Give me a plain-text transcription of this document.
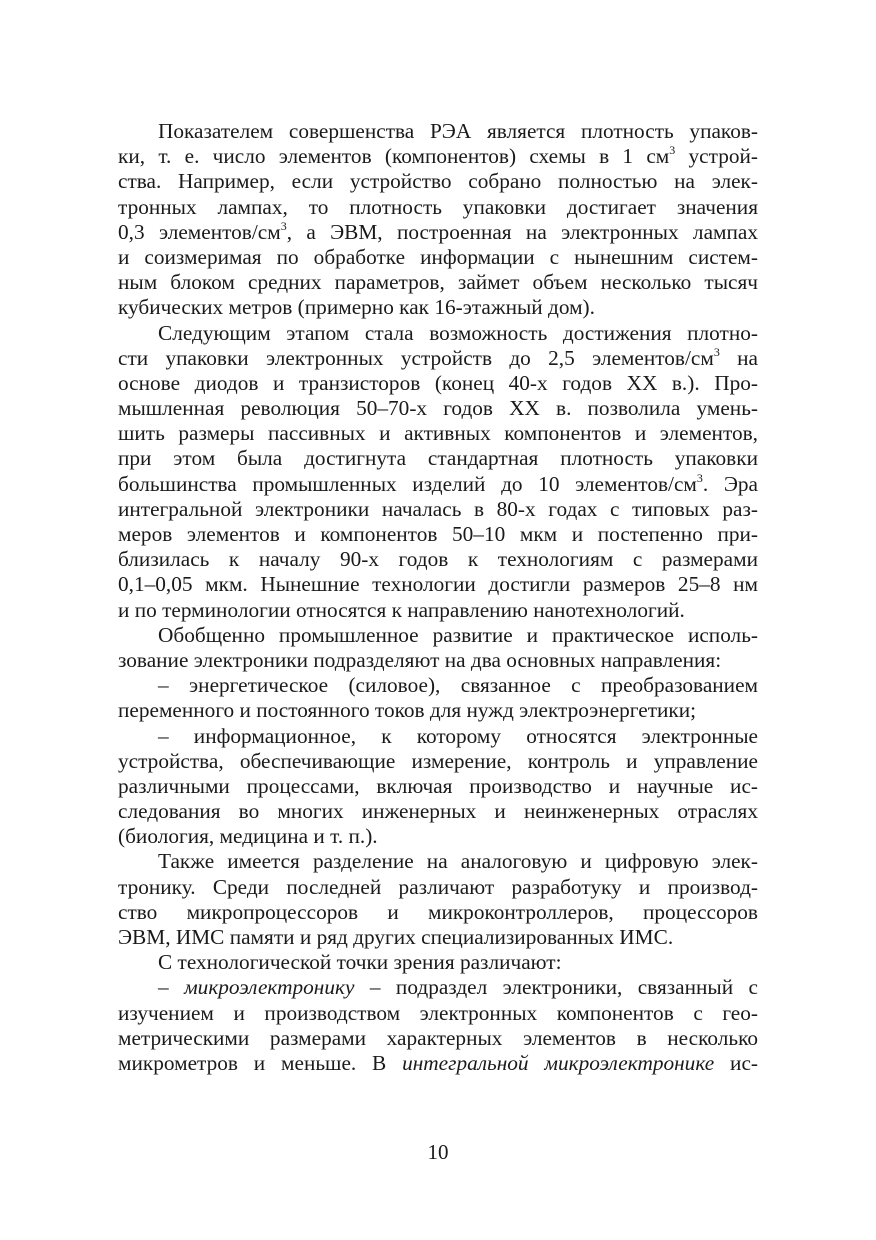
Показателем совершенства РЭА является плотность упаков-
ки, т. е. число элементов (компонентов) схемы в 1 $см^3$ устрой-
ства. Например, если устройство собрано полностью на элек-
тронных лампах, то плотность упаковки достигает значения
0,3 элементов/$см^3$, а ЭВМ, построенная на электронных лампах
и соизмеримая по обработке информации с нынешним систем-
ным блоком средних параметров, займет объем несколько тысяч
кубических метров (примерно как 16-этажный дом).
Следующим этапом стала возможность достижения плотно-
сти упаковки электронных устройств до 2,5 элементов/$см^3$ на
основе диодов и транзисторов (конец 40-х годов XX в.). Про-
мышленная революция 50–70-х годов XX в. позволила умень-
шить размеры пассивных и активных компонентов и элементов,
при этом была достигнута стандартная плотность упаковки
большинства промышленных изделий до 10 элементов/$см^3$. Эра
интегральной электроники началась в 80-х годах с типовых раз-
меров элементов и компонентов 50–10 мкм и постепенно при-
близилась к началу 90-х годов к технологиям с размерами
0,1–0,05 мкм. Нынешние технологии достигли размеров 25–8 нм
и по терминологии относятся к направлению нанотехнологий.
Обобщенно промышленное развитие и практическое исполь-
зование электроники подразделяют на два основных направления:
– энергетическое (силовое), связанное с преобразованием
переменного и постоянного токов для нужд электроэнергетики;
– информационное, к которому относятся электронные
устройства, обеспечивающие измерение, контроль и управление
различными процессами, включая производство и научные ис-
следования во многих инженерных и неинженерных отраслях
(биология, медицина и т. п.).
Также имеется разделение на аналоговую и цифровую элек-
тронику. Среди последней различают разработуку и производ-
ство микропроцессоров и микроконтроллеров, процессоров
ЭВМ, ИМС памяти и ряд других специализированных ИМС.
С технологической точки зрения различают:
– микроэлектронику – подраздел электроники, связанный с
изучением и производством электронных компонентов с гео-
метрическими размерами характерных элементов в несколько
микрометров и меньше. В интегральной микроэлектронике ис-
10
